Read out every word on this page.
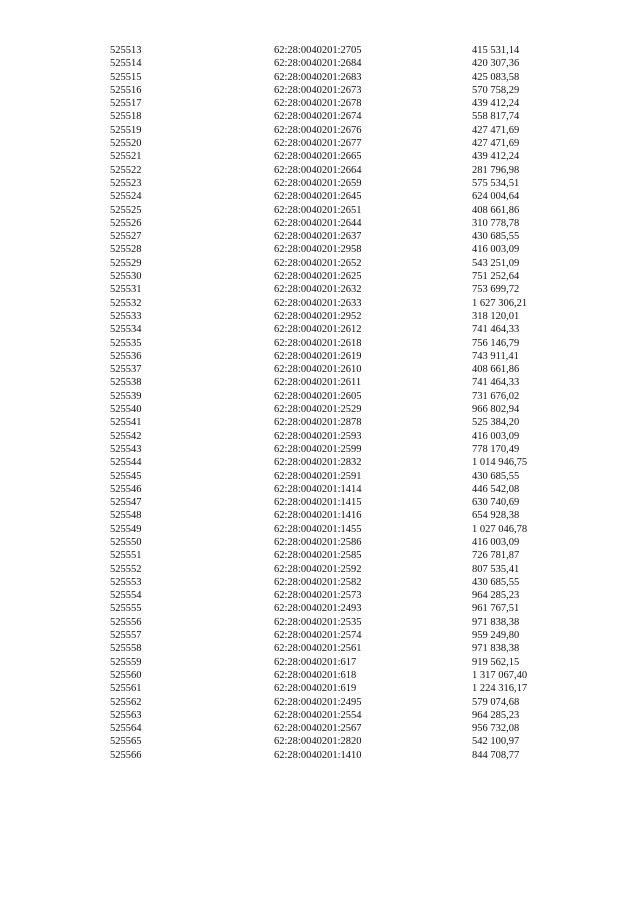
	525513	62:28:0040201:2705	415 531,14
	525514	62:28:0040201:2684	420 307,36
	525515	62:28:0040201:2683	425 083,58
	525516	62:28:0040201:2673	570 758,29
	525517	62:28:0040201:2678	439 412,24
	525518	62:28:0040201:2674	558 817,74
	525519	62:28:0040201:2676	427 471,69
	525520	62:28:0040201:2677	427 471,69
	525521	62:28:0040201:2665	439 412,24
	525522	62:28:0040201:2664	281 796,98
	525523	62:28:0040201:2659	575 534,51
	525524	62:28:0040201:2645	624 004,64
	525525	62:28:0040201:2651	408 661,86
	525526	62:28:0040201:2644	310 778,78
	525527	62:28:0040201:2637	430 685,55
	525528	62:28:0040201:2958	416 003,09
	525529	62:28:0040201:2652	543 251,09
	525530	62:28:0040201:2625	751 252,64
	525531	62:28:0040201:2632	753 699,72
	525532	62:28:0040201:2633	1 627 306,21
	525533	62:28:0040201:2952	318 120,01
	525534	62:28:0040201:2612	741 464,33
	525535	62:28:0040201:2618	756 146,79
	525536	62:28:0040201:2619	743 911,41
	525537	62:28:0040201:2610	408 661,86
	525538	62:28:0040201:2611	741 464,33
	525539	62:28:0040201:2605	731 676,02
	525540	62:28:0040201:2529	966 802,94
	525541	62:28:0040201:2878	525 384,20
	525542	62:28:0040201:2593	416 003,09
	525543	62:28:0040201:2599	778 170,49
	525544	62:28:0040201:2832	1 014 946,75
	525545	62:28:0040201:2591	430 685,55
	525546	62:28:0040201:1414	446 542,08
	525547	62:28:0040201:1415	630 740,69
	525548	62:28:0040201:1416	654 928,38
	525549	62:28:0040201:1455	1 027 046,78
	525550	62:28:0040201:2586	416 003,09
	525551	62:28:0040201:2585	726 781,87
	525552	62:28:0040201:2592	807 535,41
	525553	62:28:0040201:2582	430 685,55
	525554	62:28:0040201:2573	964 285,23
	525555	62:28:0040201:2493	961 767,51
	525556	62:28:0040201:2535	971 838,38
	525557	62:28:0040201:2574	959 249,80
	525558	62:28:0040201:2561	971 838,38
	525559	62:28:0040201:617	919 562,15
	525560	62:28:0040201:618	1 317 067,40
	525561	62:28:0040201:619	1 224 316,17
	525562	62:28:0040201:2495	579 074,68
	525563	62:28:0040201:2554	964 285,23
	525564	62:28:0040201:2567	956 732,08
	525565	62:28:0040201:2820	542 100,97
	525566	62:28:0040201:1410	844 708,77
